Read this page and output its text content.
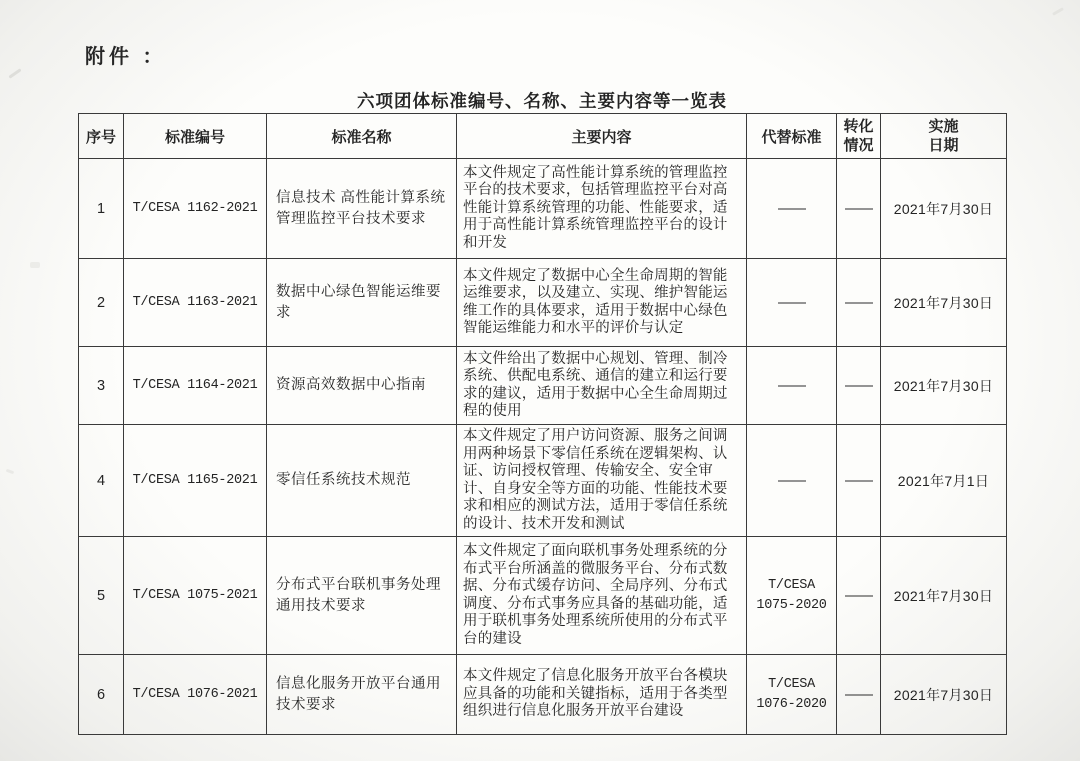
附件 ：
六项团体标准编号、名称、主要内容等一览表
序号	标准编号	标准名称	主要内容	代替标准	转化情况	实施日期
1	T/CESA 1162-2021	信息技术 高性能计算系统管理监控平台技术要求	本文件规定了高性能计算系统的管理监控平台的技术要求，包括管理监控平台对高性能计算系统管理的功能、性能要求，适用于高性能计算系统管理监控平台的设计和开发	——	——	2021年7月30日
2	T/CESA 1163-2021	数据中心绿色智能运维要求	本文件规定了数据中心全生命周期的智能运维要求，以及建立、实现、维护智能运维工作的具体要求，适用于数据中心绿色智能运维能力和水平的评价与认定	——	——	2021年7月30日
3	T/CESA 1164-2021	资源高效数据中心指南	本文件给出了数据中心规划、管理、制冷系统、供配电系统、通信的建立和运行要求的建议，适用于数据中心全生命周期过程的使用	——	——	2021年7月30日
4	T/CESA 1165-2021	零信任系统技术规范	本文件规定了用户访问资源、服务之间调用两种场景下零信任系统在逻辑架构、认证、访问授权管理、传输安全、安全审计、自身安全等方面的功能、性能技术要求和相应的测试方法，适用于零信任系统的设计、技术开发和测试	——	——	2021年7月1日
5	T/CESA 1075-2021	分布式平台联机事务处理通用技术要求	本文件规定了面向联机事务处理系统的分布式平台所涵盖的微服务平台、分布式数据、分布式缓存访问、全局序列、分布式调度、分布式事务应具备的基础功能，适用于联机事务处理系统所使用的分布式平台的建设	T/CESA 1075-2020	——	2021年7月30日
6	T/CESA 1076-2021	信息化服务开放平台通用技术要求	本文件规定了信息化服务开放平台各模块应具备的功能和关键指标，适用于各类型组织进行信息化服务开放平台建设	T/CESA 1076-2020	——	2021年7月30日
